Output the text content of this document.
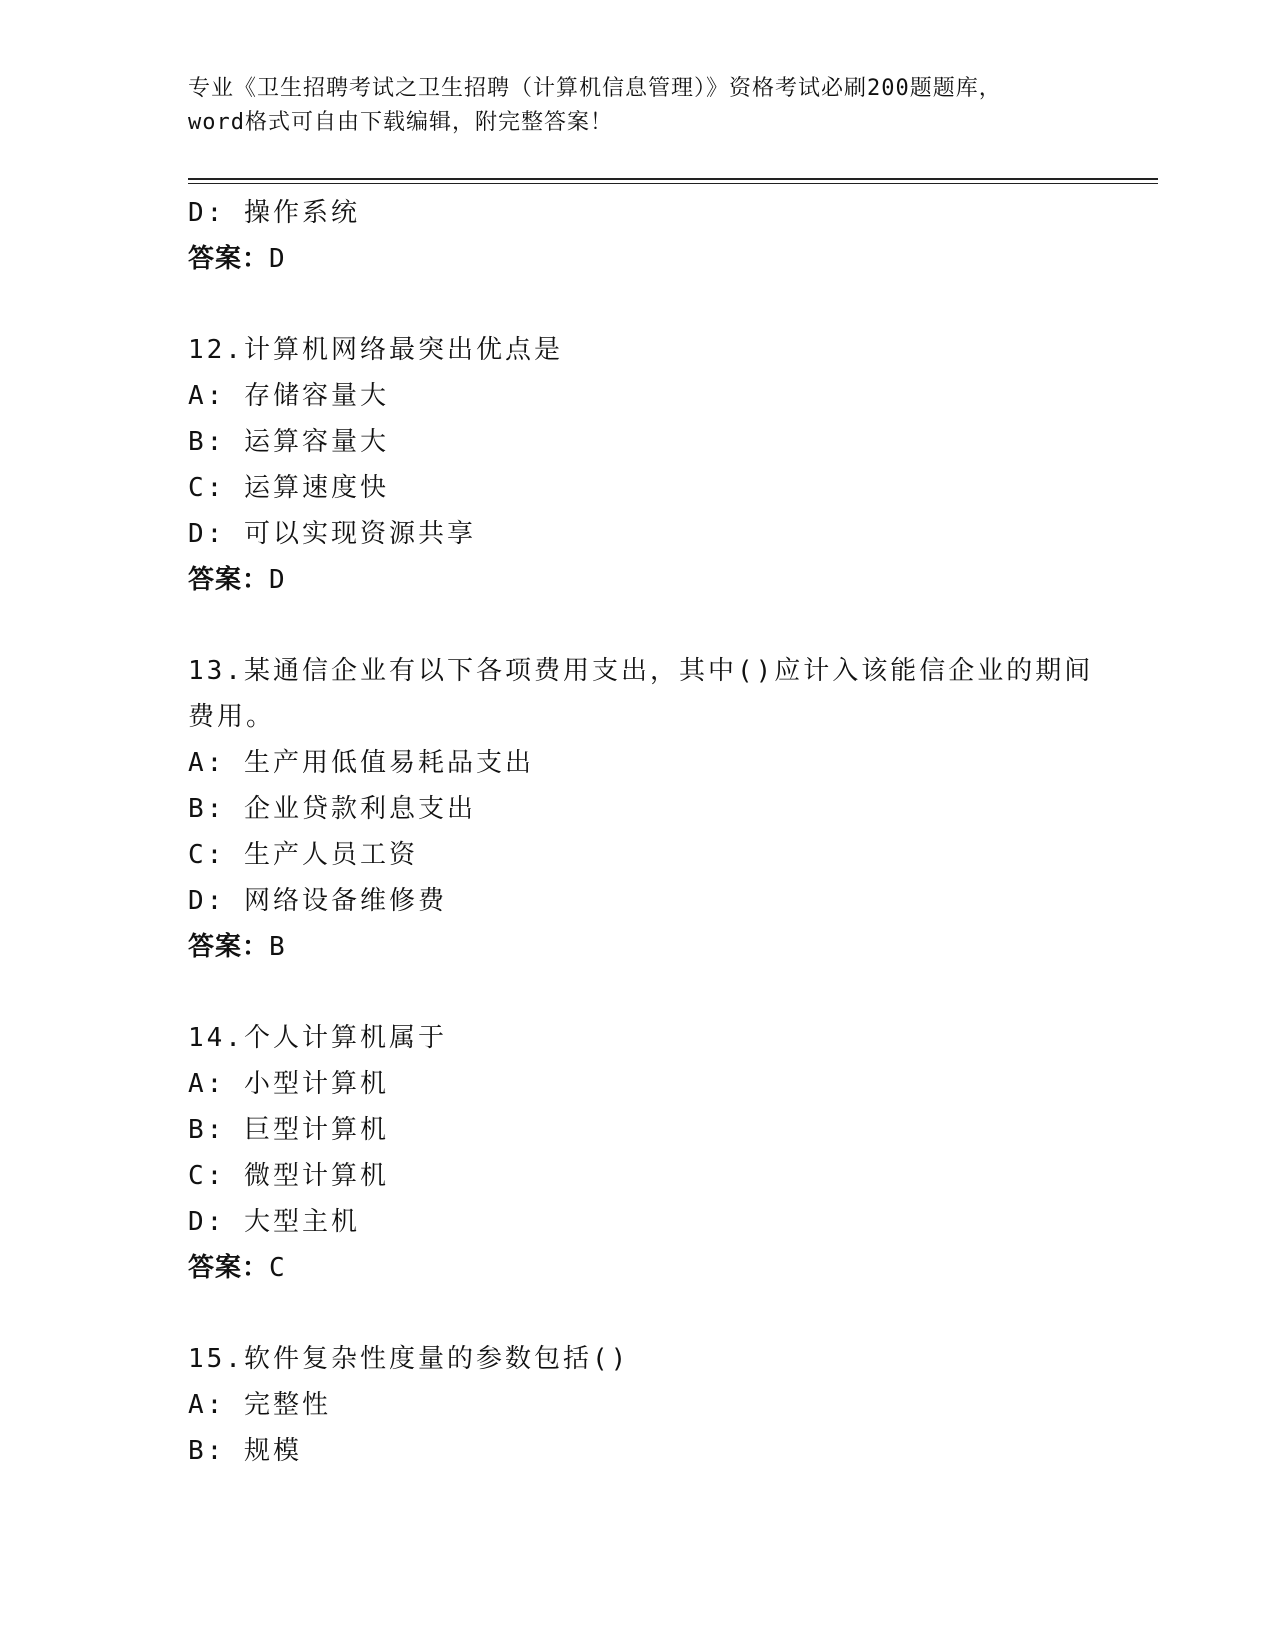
专业《卫生招聘考试之卫生招聘（计算机信息管理）》资格考试必刷200题题库，
word格式可自由下载编辑，附完整答案！
D: 操作系统
答案：D
12.计算机网络最突出优点是
A: 存储容量大
B: 运算容量大
C: 运算速度快
D: 可以实现资源共享
答案：D
13.某通信企业有以下各项费用支出，其中()应计入该能信企业的期间
费用。
A: 生产用低值易耗品支出
B: 企业贷款利息支出
C: 生产人员工资
D: 网络设备维修费
答案：B
14.个人计算机属于
A: 小型计算机
B: 巨型计算机
C: 微型计算机
D: 大型主机
答案：C
15.软件复杂性度量的参数包括()
A: 完整性
B: 规模
